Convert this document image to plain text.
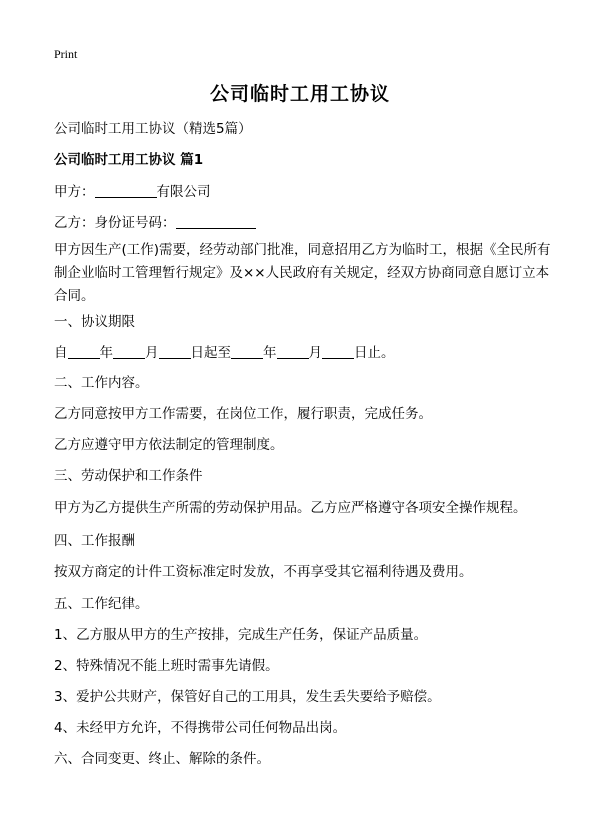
Print
公司临时工用工协议
公司临时工用工协议（精选5篇）
公司临时工用工协议 篇1
甲方：	有限公司
乙方：身份证号码：
甲方因生产(工作)需要，经劳动部门批准，同意招用乙方为临时工，根据《全民所有制企业临时工管理暂行规定》及××人民政府有关规定，经双方协商同意自愿订立本合同。
一、协议期限
自 年 月 日起至 年 月 日止。
二、工作内容。
乙方同意按甲方工作需要，在岗位工作，履行职责，完成任务。
乙方应遵守甲方依法制定的管理制度。
三、劳动保护和工作条件
甲方为乙方提供生产所需的劳动保护用品。乙方应严格遵守各项安全操作规程。
四、工作报酬
按双方商定的计件工资标准定时发放，不再享受其它福利待遇及费用。
五、工作纪律。
1、乙方服从甲方的生产按排，完成生产任务，保证产品质量。
2、特殊情况不能上班时需事先请假。
3、爱护公共财产，保管好自己的工用具，发生丢失要给予赔偿。
4、未经甲方允许，不得携带公司任何物品出岗。
六、合同变更、终止、解除的条件。
